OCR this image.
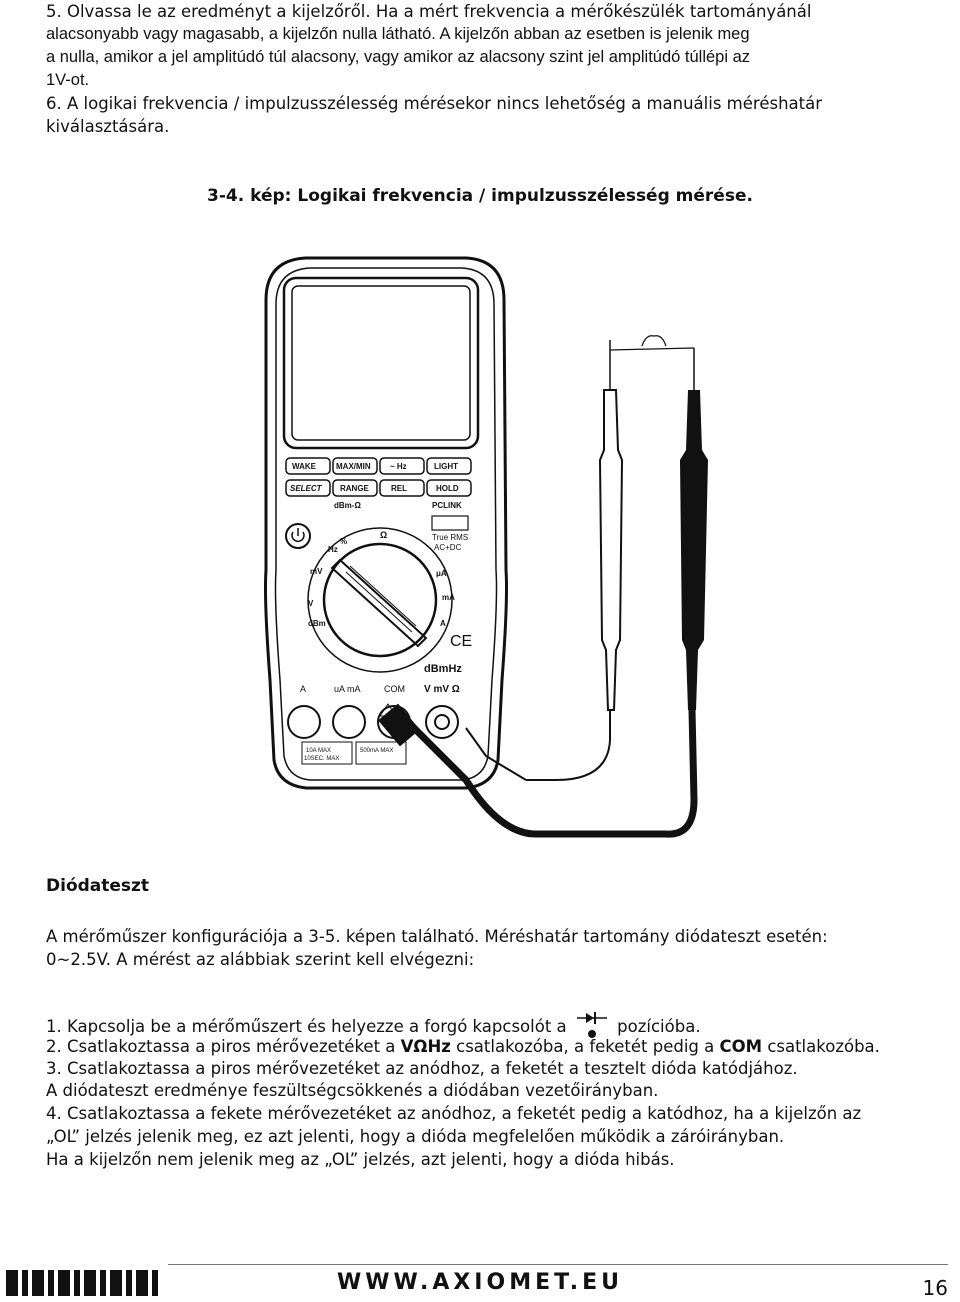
5. Olvassa le az eredményt a kijelzőről. Ha a mért frekvencia a mérőkészülék tartományánál

alacsonyabb vagy magasabb, a kijelzőn nulla látható. A kijelzőn abban az esetben is jelenik meg

a nulla, amikor a jel amplitúdó túl alacsony, vagy amikor az alacsony szint jel amplitúdó túllépi az

1V-ot.

6. A logikai frekvencia / impulzusszélesség mérésekor nincs lehetőség a manuális méréshatár

kiválasztására.

3-4. kép: Logikai frekvencia / impulzusszélesség mérése.
WAKE	MAX/MIN ~ Hz	LIGHT
SELECT RANGE	REL	HOLD
dBm-Ω	PCLINK
True RMS
AC+DC
CE
dBmHz
A	uA mA	COM V mV Ω
10A MAX
10SEC. MAX
500mA MAX
Hz
%
Ω
mV
V
mA
μA
A
dBm
Diódateszt

A mérőműszer konfigurációja a 3-5. képen található. Méréshatár tartomány diódateszt esetén:

0~2.5V. A mérést az alábbiak szerint kell elvégezni:

1. Kapcsolja be a mérőműszert és helyezze a forgó kapcsolót a	pozícióba.

2. Csatlakoztassa a piros mérővezetéket a VΩHz csatlakozóba, a feketét pedig a COM csatlakozóba.

3. Csatlakoztassa a piros mérővezetéket az anódhoz, a feketét a tesztelt dióda katódjához.

A diódateszt eredménye feszültségcsökkenés a diódában vezetőirányban.

4. Csatlakoztassa a fekete mérővezetéket az anódhoz, a feketét pedig a katódhoz, ha a kijelzőn az

„OL” jelzés jelenik meg, ez azt jelenti, hogy a dióda megfelelően működik a záróirányban.

Ha a kijelzőn nem jelenik meg az „OL” jelzés, azt jelenti, hogy a dióda hibás.

WWW.AXIOMET.EU	16
